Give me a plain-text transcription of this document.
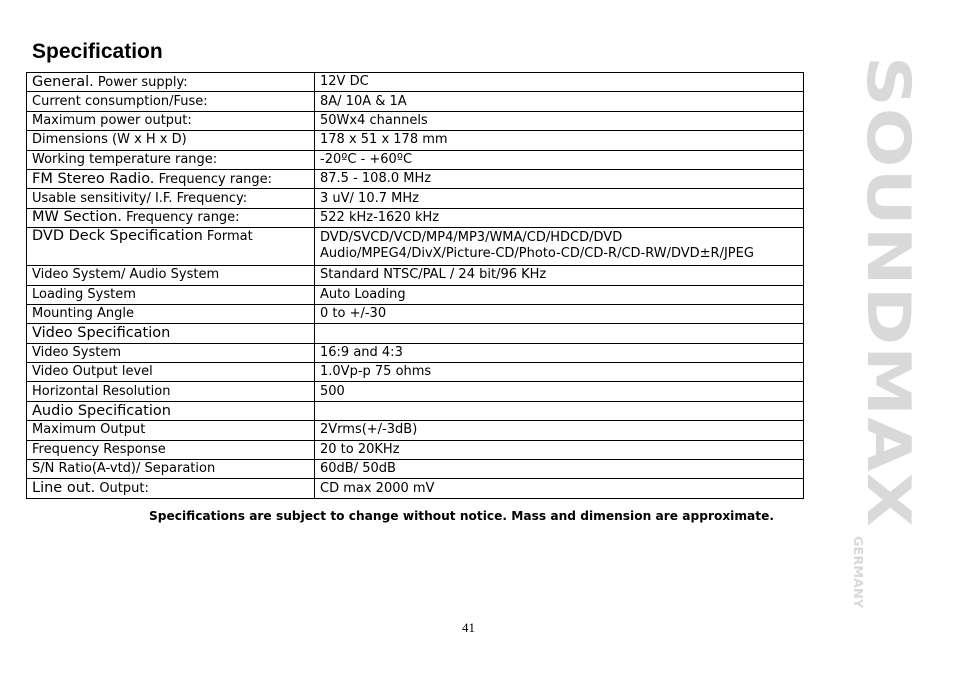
Specification
General. Power supply:	12V DC

Current consumption/Fuse:	8A/ 10A & 1A

Maximum power output:	50Wx4 channels

Dimensions (W x H x D)	178 x 51 x 178 mm

Working temperature range:	-20ºC - +60ºC

FM Stereo Radio. Frequency range:	87.5 - 108.0 MHz

Usable sensitivity/ I.F. Frequency:	3 uV/ 10.7 MHz

MW Section. Frequency range:	522 kHz-1620 kHz

DVD Deck Specification Format	DVD/SVCD/VCD/MP4/MP3/WMA/CD/HDCD/DVD
Audio/MPEG4/DivX/Picture-CD/Photo-CD/CD-R/CD-RW/DVD±R/JPEG

Video System/ Audio System	Standard NTSC/PAL / 24 bit/96 KHz

Loading System	Auto Loading

Mounting Angle	0 to +/-30

Video Specification	
Video System	16:9 and 4:3

Video Output level	1.0Vp-p 75 ohms

Horizontal Resolution	500

Audio Specification	
Maximum Output	2Vrms(+/-3dB)

Frequency Response	20 to 20KHz

S/N Ratio(A-vtd)/ Separation	60dB/ 50dB

Line out. Output:	CD max 2000 mV
Specifications are subject to change without notice. Mass and dimension are approximate.
41
SOUNDMAX
GERMANY
